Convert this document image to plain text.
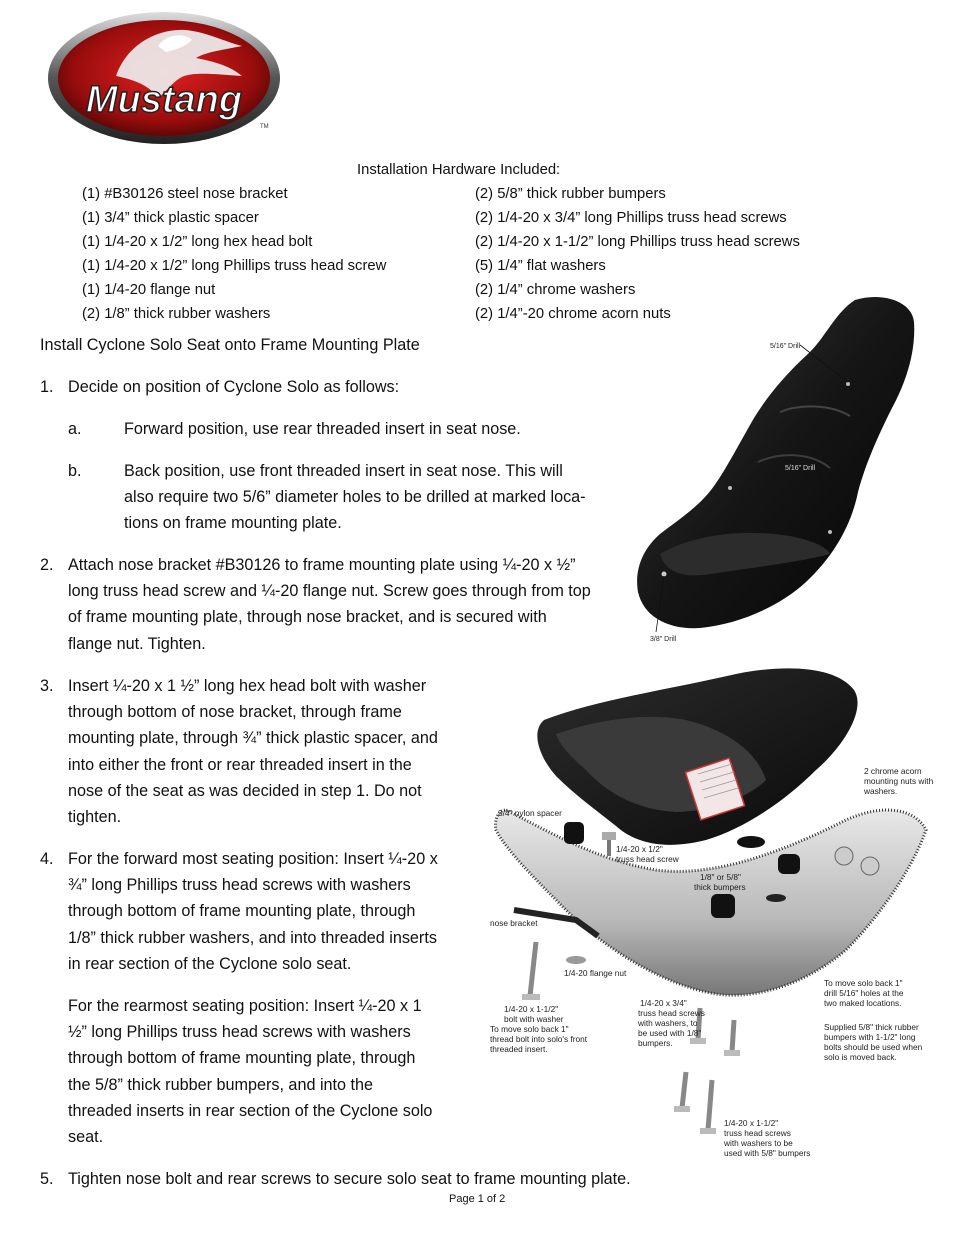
Mustang
TM
Installation Hardware Included:
(1) #B30126 steel nose bracket
(1) 3/4” thick plastic spacer
(1) 1/4-20 x 1/2” long hex head bolt
(1) 1/4-20 x 1/2” long Phillips truss head screw
(1) 1/4-20 flange nut
(2) 1/8” thick rubber washers
(2) 5/8” thick rubber bumpers
(2) 1/4-20 x 3/4” long Phillips truss head screws
(2) 1/4-20 x 1-1/2” long Phillips truss head screws
(5) 1/4” flat washers
(2) 1/4” chrome washers
(2) 1/4”-20 chrome acorn nuts
Install Cyclone Solo Seat onto Frame Mounting Plate
1. Decide on position of Cyclone Solo as follows:
a.	Forward position, use rear threaded insert in seat nose.
b.	Back position, use front threaded insert in seat nose. This will
also require two 5/6” diameter holes to be drilled at marked loca-
tions on frame mounting plate.
2. Attach nose bracket #B30126 to frame mounting plate using ¼-20 x ½”
long truss head screw and ¼-20 flange nut. Screw goes through from top
of frame mounting plate, through nose bracket, and is secured with
flange nut. Tighten.
3. Insert ¼-20 x 1 ½” long hex head bolt with washer
through bottom of nose bracket, through frame
mounting plate, through ¾” thick plastic spacer, and
into either the front or rear threaded insert in the
nose of the seat as was decided in step 1. Do not
tighten.
4. For the forward most seating position: Insert ¼-20 x
¾” long Phillips truss head screws with washers
through bottom of frame mounting plate, through
1/8” thick rubber washers, and into threaded inserts
in rear section of the Cyclone solo seat.
For the rearmost seating position: Insert ¼-20 x 1
½” long Phillips truss head screws with washers
through bottom of frame mounting plate, through
the 5/8” thick rubber bumpers, and into the
threaded inserts in rear section of the Cyclone solo
seat.
5. Tighten nose bolt and rear screws to secure solo seat to frame mounting plate.
Page 1 of 2
5/16" Drill
5/16" Drill
3/8" Drill
2 chrome acorn
mounting nuts with
washers.
3/4" nylon spacer
1/4-20 x 1/2"
truss head screw
1/8" or 5/8"
thick bumpers
nose bracket
1/4-20 flange nut
1/4-20 x 1-1/2"
bolt with washer
To move solo back 1"
thread bolt into solo's front
threaded insert.
1/4-20 x 3/4"
truss head screws
with washers, to
be used with 1/8"
bumpers.
To move solo back 1"
drill 5/16" holes at the
two maked locations.
Supplied 5/8" thick rubber
bumpers with 1-1/2" long
bolts should be used when
solo is moved back.
1/4-20 x 1-1/2"
truss head screws
with washers to be
used with 5/8" bumpers
